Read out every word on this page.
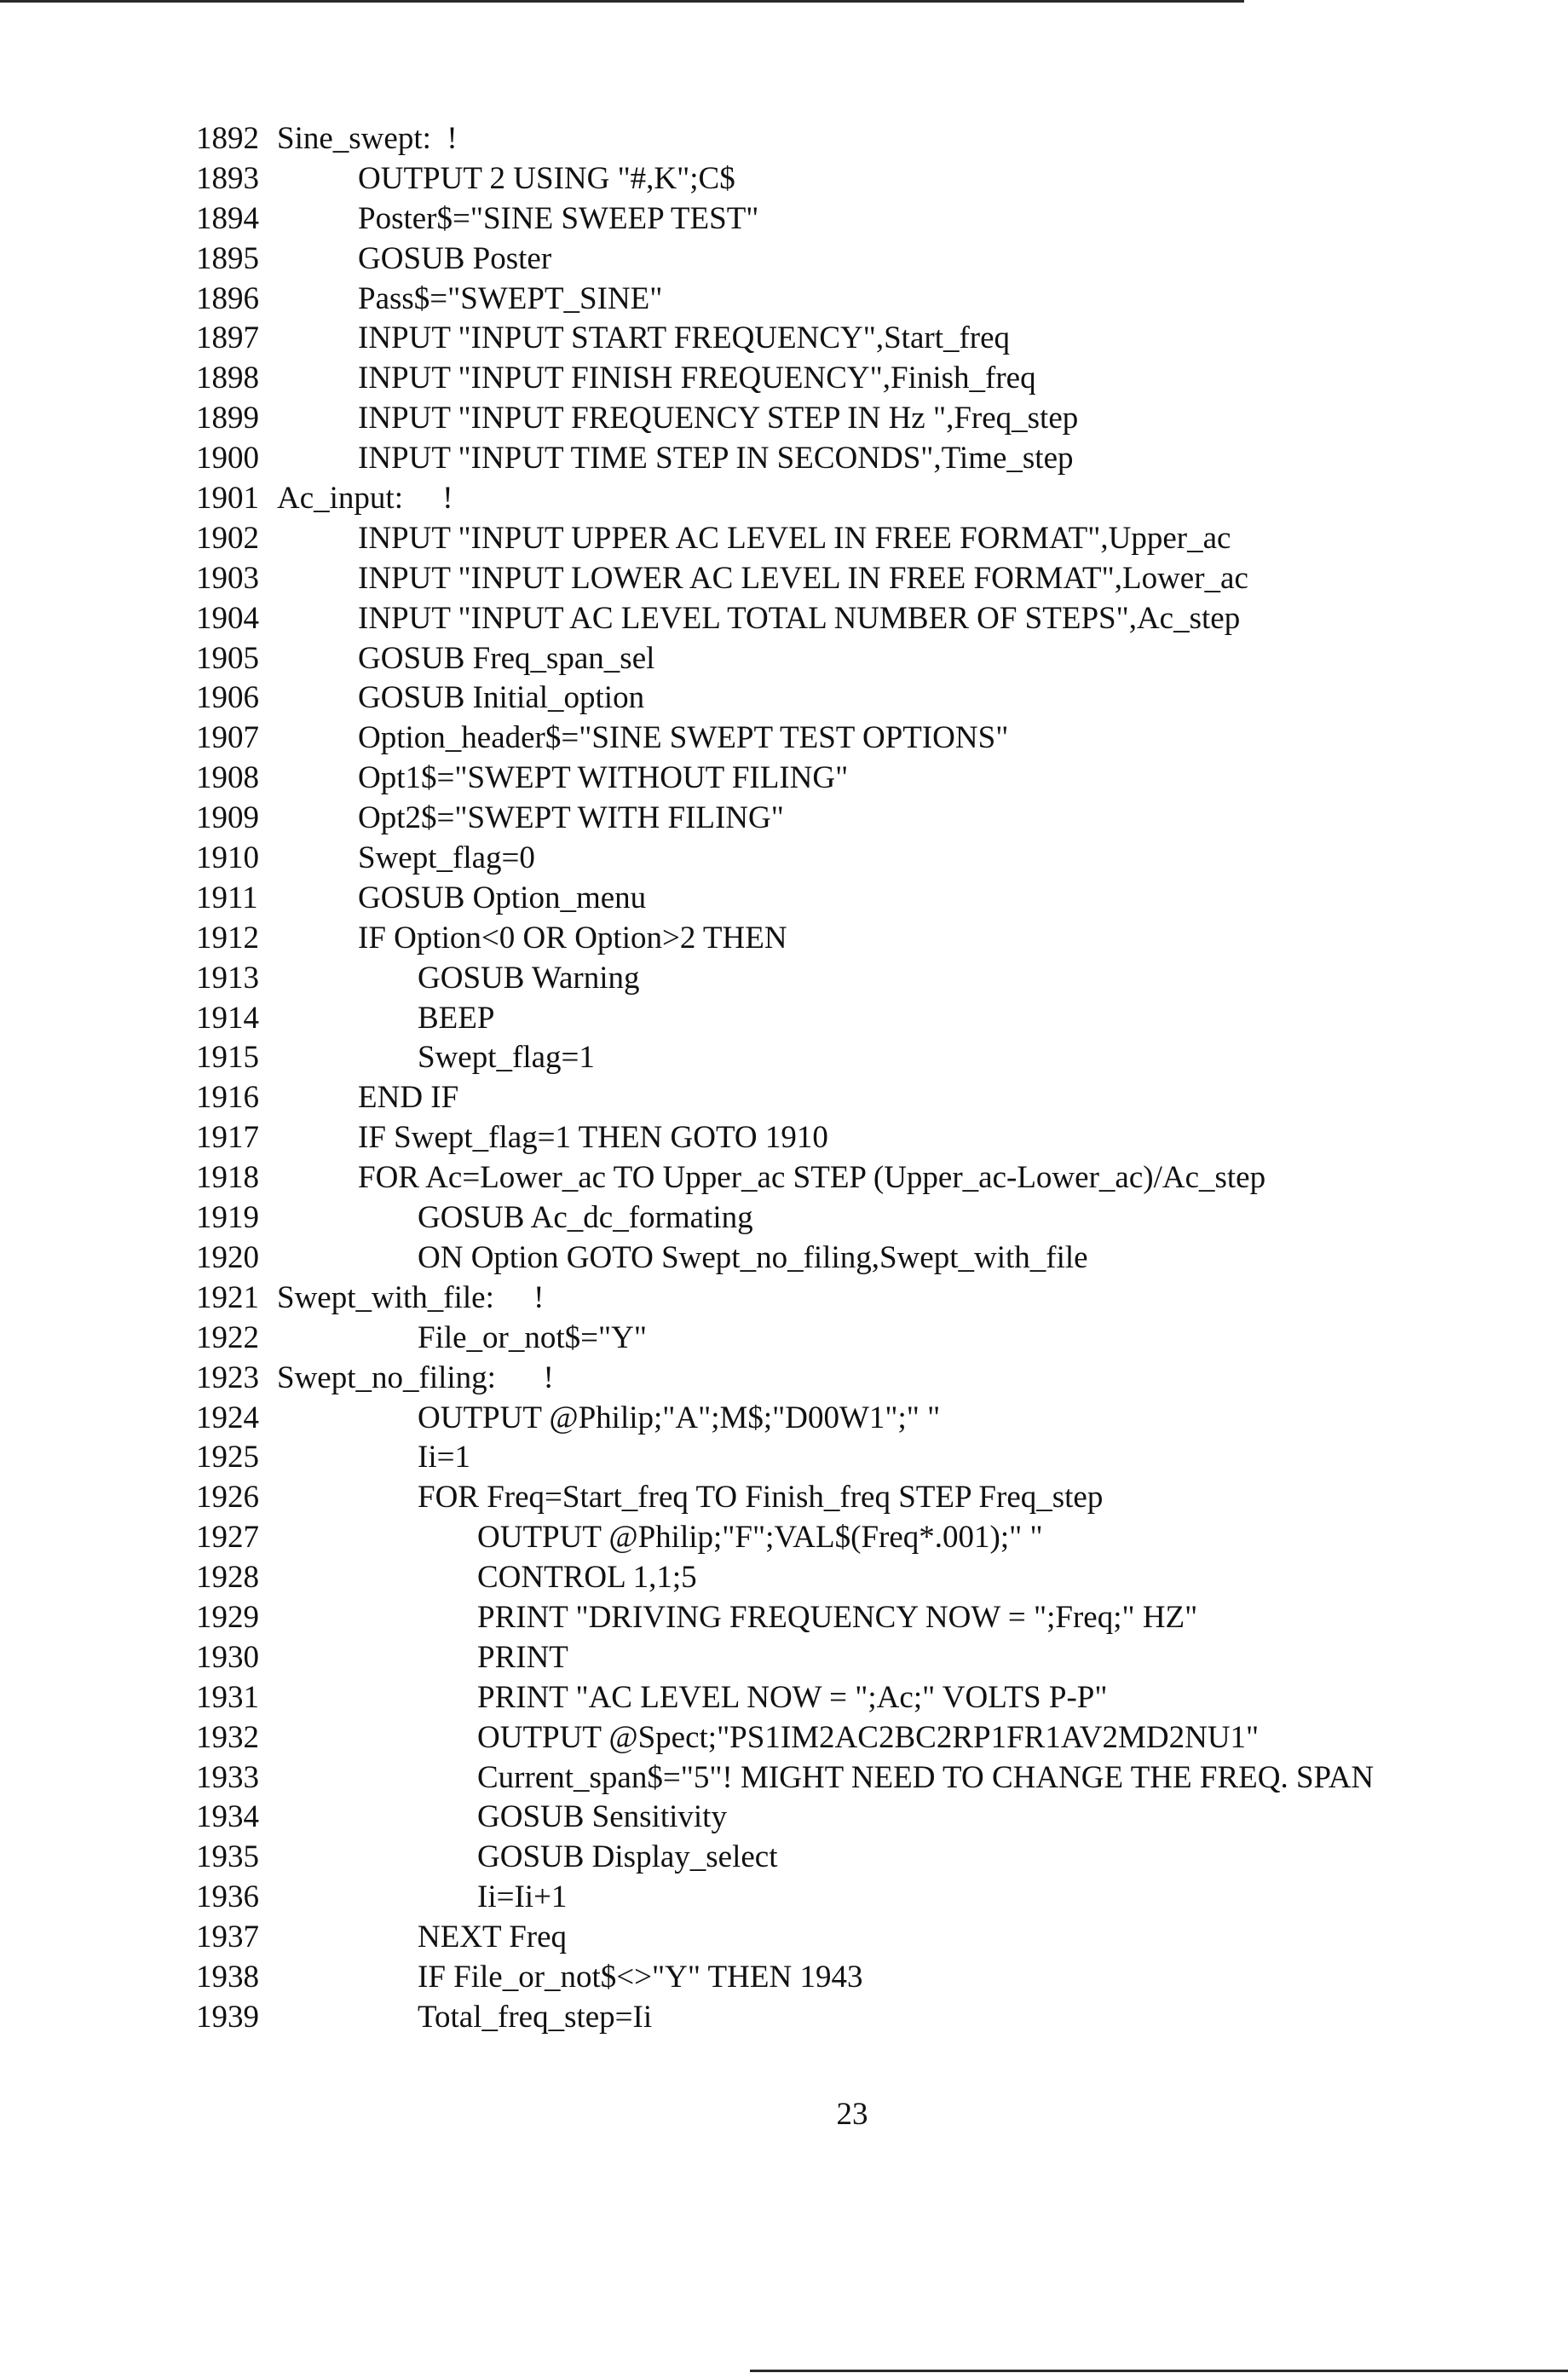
1892 Sine_swept:  !
1893	OUTPUT 2 USING "#,K";C$
1894	Poster$="SINE SWEEP TEST"
1895	GOSUB Poster
1896	Pass$="SWEPT_SINE"
1897	INPUT "INPUT START FREQUENCY",Start_freq
1898	INPUT "INPUT FINISH FREQUENCY",Finish_freq
1899	INPUT "INPUT FREQUENCY STEP IN Hz ",Freq_step
1900	INPUT "INPUT TIME STEP IN SECONDS",Time_step
1901 Ac_input:     !
1902	INPUT "INPUT UPPER AC LEVEL IN FREE FORMAT",Upper_ac
1903	INPUT "INPUT LOWER AC LEVEL IN FREE FORMAT",Lower_ac
1904	INPUT "INPUT AC LEVEL TOTAL NUMBER OF STEPS",Ac_step
1905	GOSUB Freq_span_sel
1906	GOSUB Initial_option
1907	Option_header$="SINE SWEPT TEST OPTIONS"
1908	Opt1$="SWEPT WITHOUT FILING"
1909	Opt2$="SWEPT WITH FILING"
1910	Swept_flag=0
1911	GOSUB Option_menu
1912	IF Option<0 OR Option>2 THEN
1913	GOSUB Warning
1914	BEEP
1915	Swept_flag=1
1916	END IF
1917	IF Swept_flag=1 THEN GOTO 1910
1918	FOR Ac=Lower_ac TO Upper_ac STEP (Upper_ac-Lower_ac)/Ac_step
1919	GOSUB Ac_dc_formating
1920	ON Option GOTO Swept_no_filing,Swept_with_file
1921 Swept_with_file:     !
1922	File_or_not$="Y"
1923 Swept_no_filing:      !
1924	OUTPUT @Philip;"A";M$;"D00W1";" "
1925	Ii=1
1926	FOR Freq=Start_freq TO Finish_freq STEP Freq_step
1927	OUTPUT @Philip;"F";VAL$(Freq*.001);" "
1928	CONTROL 1,1;5
1929	PRINT "DRIVING FREQUENCY NOW = ";Freq;" HZ"
1930	PRINT
1931	PRINT "AC LEVEL NOW = ";Ac;" VOLTS P-P"
1932	OUTPUT @Spect;"PS1IM2AC2BC2RP1FR1AV2MD2NU1"
1933	Current_span$="5"! MIGHT NEED TO CHANGE THE FREQ. SPAN
1934	GOSUB Sensitivity
1935	GOSUB Display_select
1936	Ii=Ii+1
1937	NEXT Freq
1938	IF File_or_not$<>"Y" THEN 1943
1939	Total_freq_step=Ii
23
